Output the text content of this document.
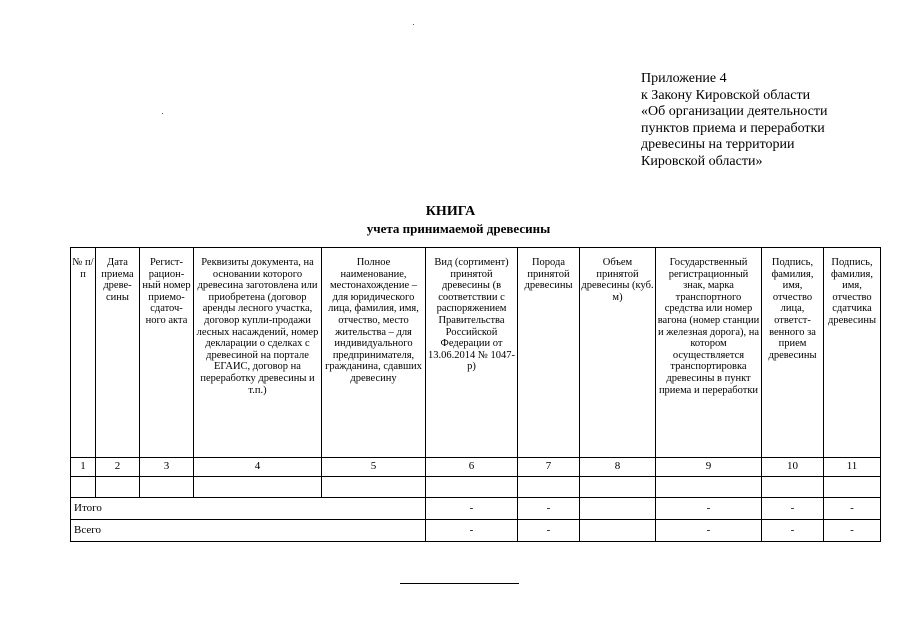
Приложение 4
к Закону Кировской области
«Об организации деятельности
пунктов приема и переработки
древесины на территории
Кировской области»
КНИГА
учета принимаемой древесины
№ п/п	Дата приема древе-сины	Регист-рацион-ный номер приемо-сдаточ-ного акта	Реквизиты документа, на основании которого древесина заготовлена или приобретена (договор аренды лесного участка, договор купли-продажи лесных насаждений, номер декларации о сделках с древесиной на портале ЕГАИС, договор на переработку древесины и т.п.)	Полное наименование, местонахождение – для юридического лица, фамилия, имя, отчество, место жительства – для индивидуального предпринимателя, гражданина, сдавших древесину	Вид (сортимент) принятой древесины (в соответствии с распоряжением Правительства Российской Федерации от 13.06.2014 № 1047-р)	Порода принятой древесины	Объем принятой древесины (куб. м)	Государственный регистрационный знак, марка транспортного средства или номер вагона (номер станции и железная дорога), на котором осуществляется транспортировка древесины в пункт приема и переработки	Подпись, фамилия, имя, отчество лица, ответст-венного за прием древесины	Подпись, фамилия, имя, отчество сдатчика древесины
1	2	3	4	5	6	7	8	9	10	11

Итого					-	-		-	-	-
Всего					-	-		-	-	-
